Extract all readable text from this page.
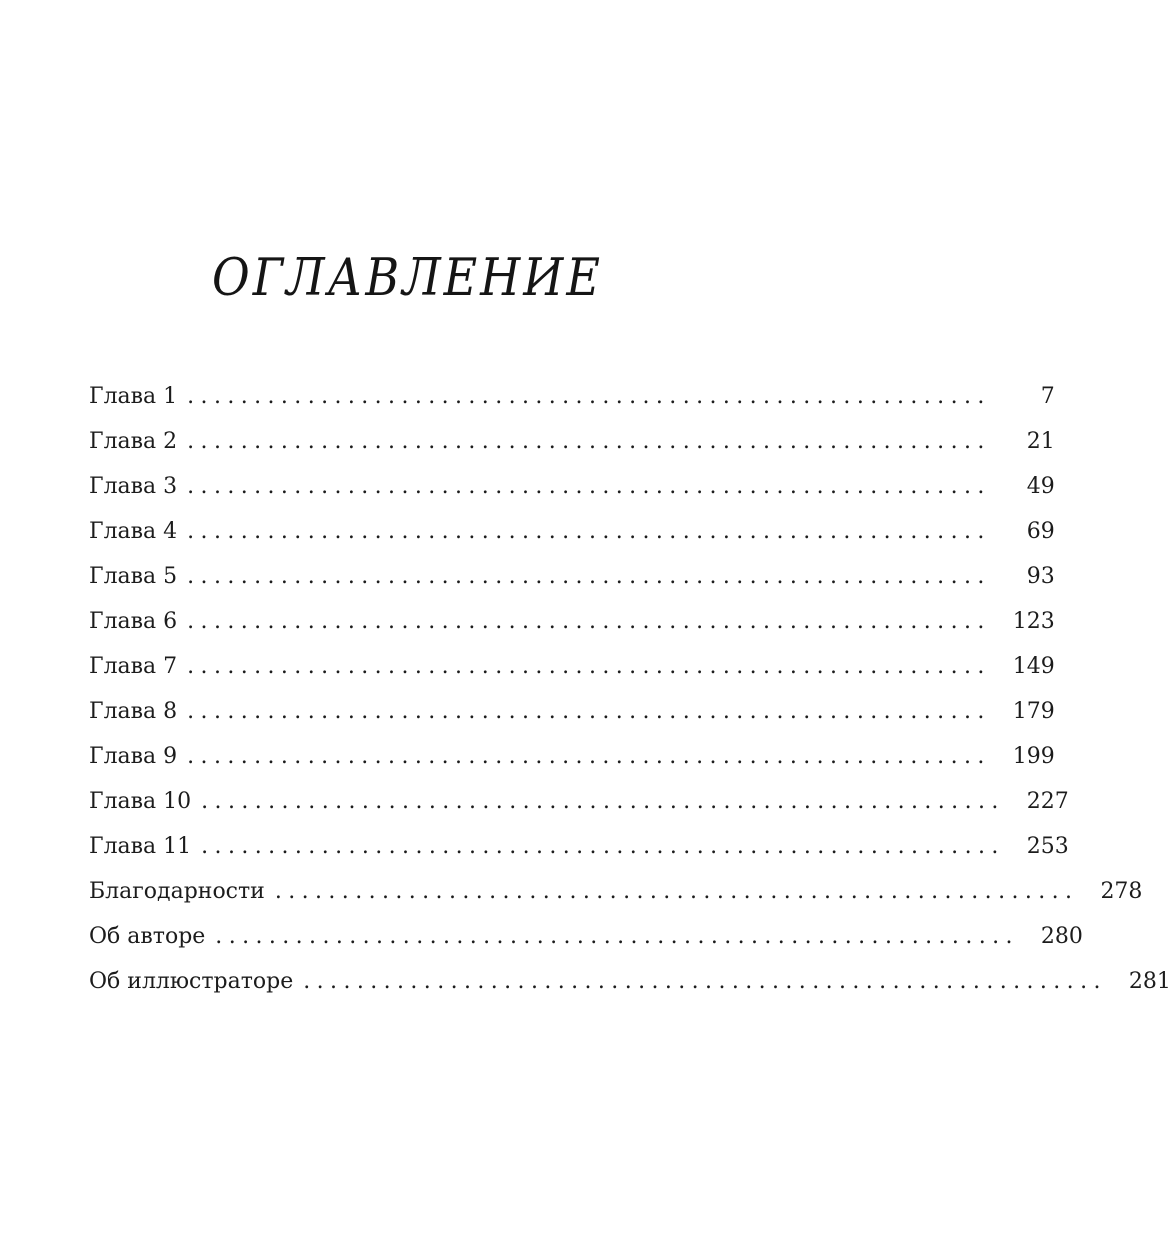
ОГЛАВЛЕНИЕ
Глава 1 ............................................................	7
Глава 2 ............................................................	21
Глава 3 ............................................................	49
Глава 4 ............................................................	69
Глава 5 ............................................................	93
Глава 6 ............................................................	123
Глава 7 ............................................................	149
Глава 8 ............................................................	179
Глава 9 ............................................................	199
Глава 10 ............................................................	227
Глава 11 ............................................................	253
Благодарности ............................................................	278
Об авторе ............................................................	280
Об иллюстраторе ............................................................	281
